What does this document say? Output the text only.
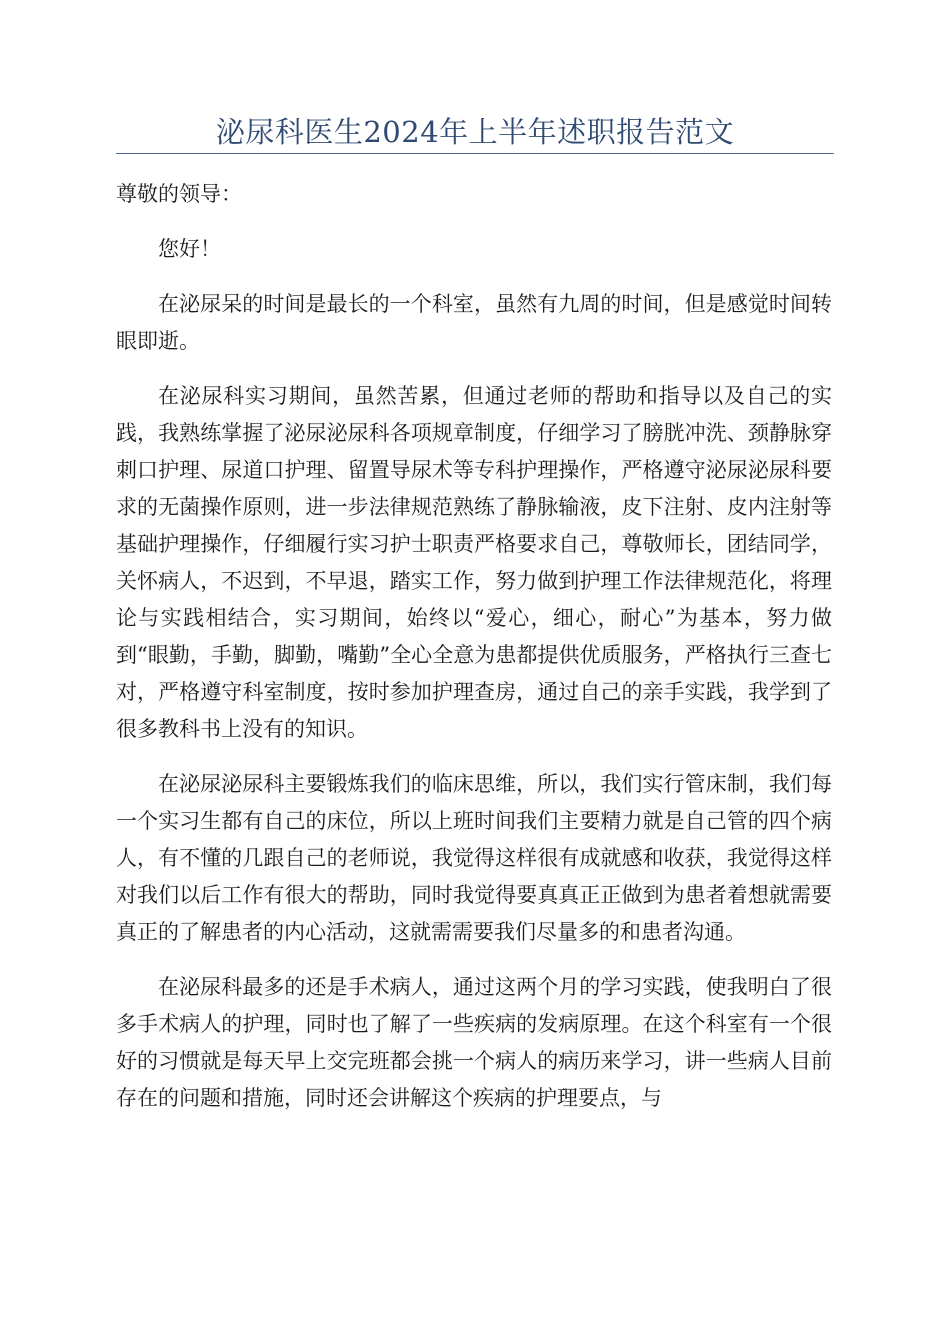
泌尿科医生2024年上半年述职报告范文

尊敬的领导：

您好！

在泌尿呆的时间是最长的一个科室，虽然有九周的时间，但是感觉时间转眼即逝。

在泌尿科实习期间，虽然苦累，但通过老师的帮助和指导以及自己的实践，我熟练掌握了泌尿泌尿科各项规章制度，仔细学习了膀胱冲洗、颈静脉穿刺口护理、尿道口护理、留置导尿术等专科护理操作，严格遵守泌尿泌尿科要求的无菌操作原则，进一步法律规范熟练了静脉输液，皮下注射、皮内注射等基础护理操作，仔细履行实习护士职责严格要求自己，尊敬师长，团结同学，关怀病人，不迟到，不早退，踏实工作，努力做到护理工作法律规范化，将理论与实践相结合，实习期间，始终以“爱心，细心，耐心”为基本，努力做到“眼勤，手勤，脚勤，嘴勤”全心全意为患都提供优质服务，严格执行三查七对，严格遵守科室制度，按时参加护理查房，通过自己的亲手实践，我学到了很多教科书上没有的知识。

在泌尿泌尿科主要锻炼我们的临床思维，所以，我们实行管床制，我们每一个实习生都有自己的床位，所以上班时间我们主要精力就是自己管的四个病人，有不懂的几跟自己的老师说，我觉得这样很有成就感和收获，我觉得这样对我们以后工作有很大的帮助，同时我觉得要真真正正做到为患者着想就需要真正的了解患者的内心活动，这就需需要我们尽量多的和患者沟通。

在泌尿科最多的还是手术病人，通过这两个月的学习实践，使我明白了很多手术病人的护理，同时也了解了一些疾病的发病原理。在这个科室有一个很好的习惯就是每天早上交完班都会挑一个病人的病历来学习，讲一些病人目前存在的问题和措施，同时还会讲解这个疾病的护理要点，与
